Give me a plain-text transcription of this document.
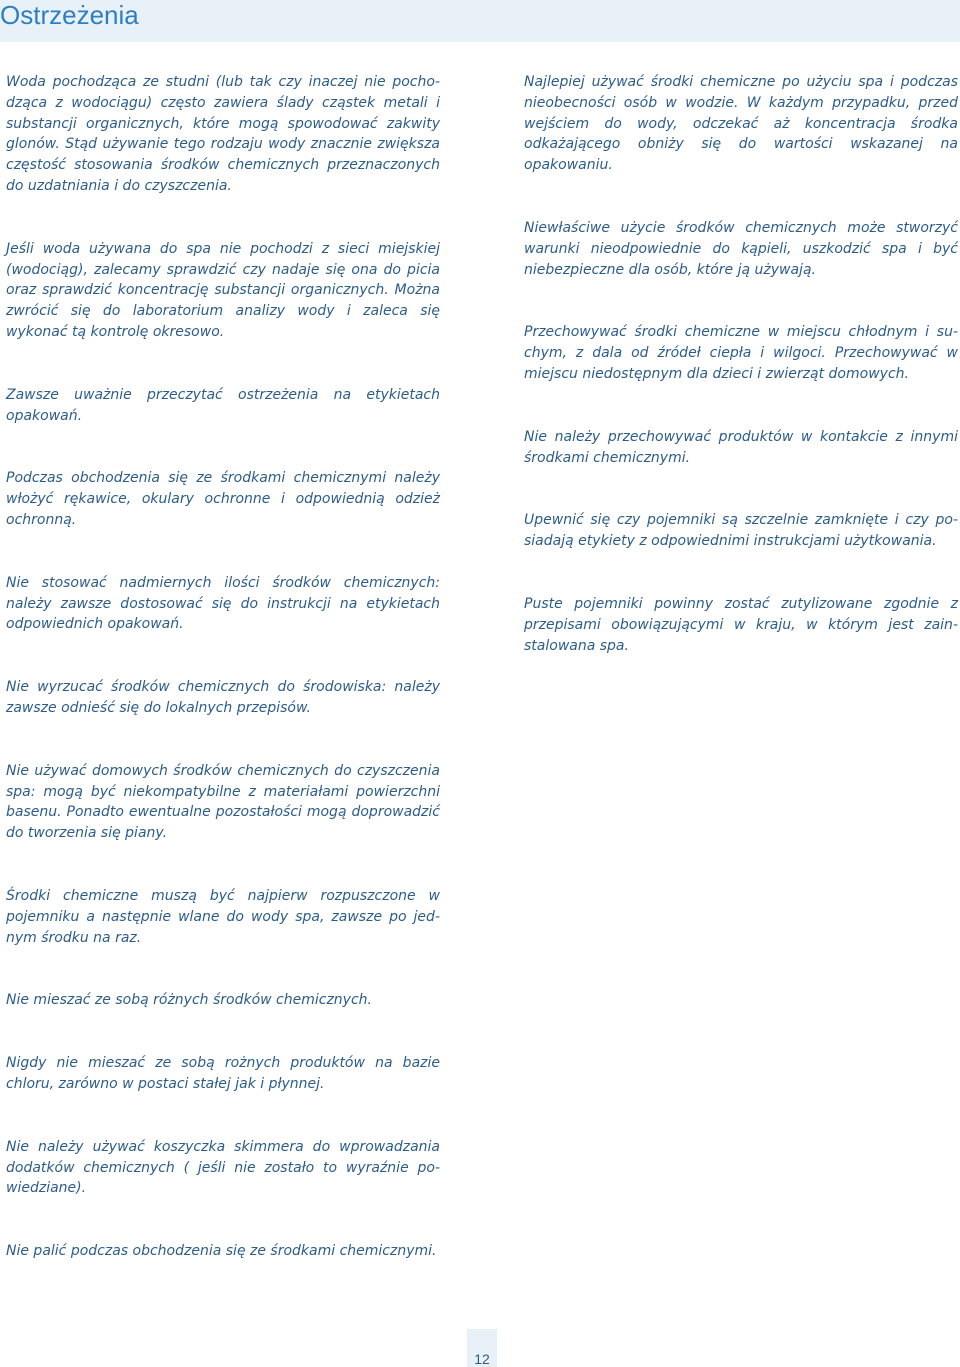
Ostrzeżenia

Woda pochodząca ze studni (lub tak czy inaczej nie pochodząca z wodociągu) często zawiera ślady cząstek metali i substancji organicznych, które mogą spowodować zakwity glonów. Stąd używanie tego rodzaju wody znacznie zwiększa częstość stosowania środków chemicznych przeznaczonych do uzdatniania i do czyszczenia.

Jeśli woda używana do spa nie pochodzi z sieci miejskiej (wodociąg), zalecamy sprawdzić czy nadaje się ona do picia oraz sprawdzić koncentrację substancji organicznych. Można zwrócić się do laboratorium analizy wody i zaleca się wykonać tą kontrolę okresowo.

Zawsze uważnie przeczytać ostrzeżenia na etykietach opakowań.

Podczas obchodzenia się ze środkami chemicznymi należy włożyć rękawice, okulary ochronne i odpowiednią odzież ochronną.

Nie stosować nadmiernych ilości środków chemicznych: należy zawsze dostosować się do instrukcji na etykietach odpowiednich opakowań.

Nie wyrzucać środków chemicznych do środowiska: należy zawsze odnieść się do lokalnych przepisów.

Nie używać domowych środków chemicznych do czyszczenia spa: mogą być niekompatybilne z materiałami powierzchni basenu. Ponadto ewentualne pozostałości mogą doprowadzić do tworzenia się piany.

Środki chemiczne muszą być najpierw rozpuszczone w pojemniku a następnie wlane do wody spa, zawsze po jednym środku na raz.

Nie mieszać ze sobą różnych środków chemicznych.

Nigdy nie mieszać ze sobą rożnych produktów na bazie chloru, zarówno w postaci stałej jak i płynnej.

Nie należy używać koszyczka skimmera do wprowadzania dodatków chemicznych ( jeśli nie zostało to wyraźnie powiedziane).

Nie palić podczas obchodzenia się ze środkami chemicznymi.

Najlepiej używać środki chemiczne po użyciu spa i podczas nieobecności osób w wodzie. W każdym przypadku, przed wejściem do wody, odczekać aż koncentracja środka odkażającego obniży się do wartości wskazanej na opakowaniu.

Niewłaściwe użycie środków chemicznych może stworzyć warunki nieodpowiednie do kąpieli, uszkodzić spa i być niebezpieczne dla osób, które ją używają.

Przechowywać środki chemiczne w miejscu chłodnym i suchym, z dala od źródeł ciepła i wilgoci. Przechowywać w miejscu niedostępnym dla dzieci i zwierząt domowych.

Nie należy przechowywać produktów w kontakcie z innymi środkami chemicznymi.

Upewnić się czy pojemniki są szczelnie zamknięte i czy posiadają etykiety z odpowiednimi instrukcjami użytkowania.

Puste pojemniki powinny zostać zutylizowane zgodnie z przepisami obowiązującymi w kraju, w którym jest zainstalowana spa.

12
